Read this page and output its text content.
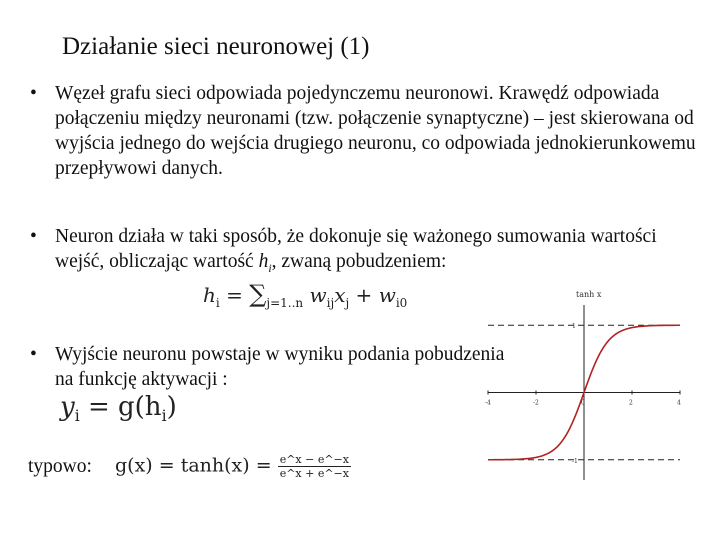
Działanie sieci neuronowej (1)
• Węzeł grafu sieci odpowiada pojedynczemu neuronowi. Krawędź odpowiada połączeniu między neuronami (tzw. połączenie synaptyczne) – jest skierowana od wyjścia jednego do wejścia drugiego neuronu, co odpowiada jednokierunkowemu przepływowi danych.
• Neuron działa w taki sposób, że dokonuje się ważonego sumowania wartości wejść, obliczając wartość $h_i$, zwaną pobudzeniem:
$h_i = \sum_{j=1..n}$ $w_{ij}x_j + w_{i0}$
• Wyjście neuronu powstaje w wyniku podania pobudzenia na funkcję aktywacji :
$y_i = g(h_i)$
typowo: $g(x) = \tanh(x) = \frac{e\^{}x - e\^{}-x}{e\^{}x + e\^{}-x}$
tanh x
1
-1
-4	-2	0	2	4
